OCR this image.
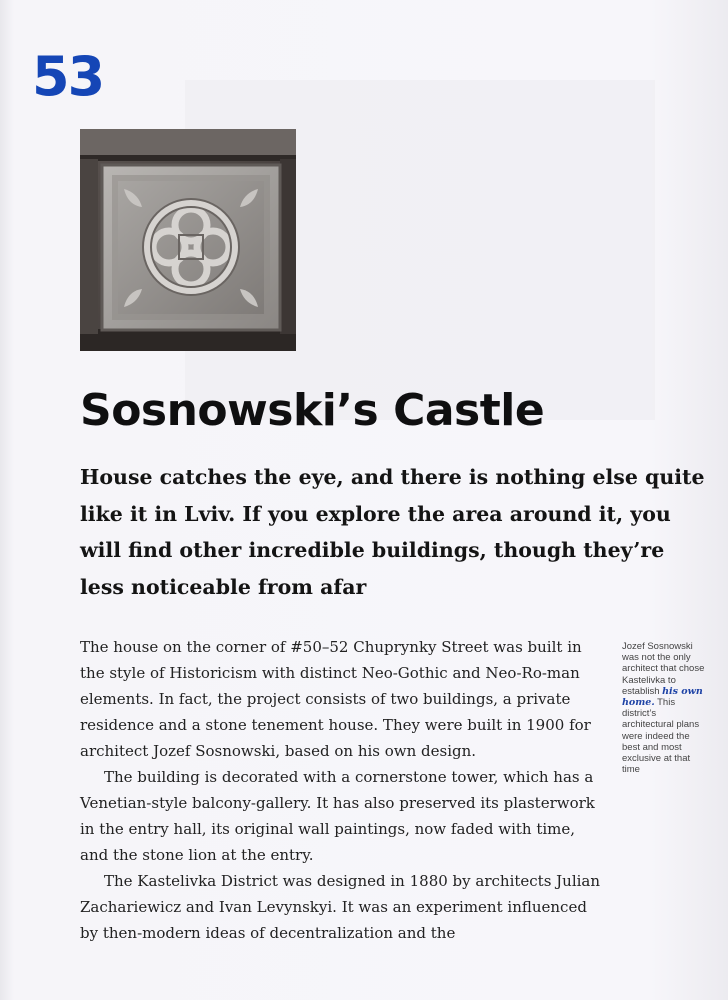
53
Sosnowski’s Castle
House catches the eye, and there is nothing else quite like it in Lviv. If you explore the area around it, you will find other incredible buildings, though they’re less noticeable from afar

The house on the corner of #50–52 Chuprynky Street was built in the style of Historicism with distinct Neo-Gothic and Neo-Ro-man elements. In fact, the project consists of two buildings, a private residence and a stone tenement house. They were built in 1900 for architect Jozef Sosnowski, based on his own design.

The building is decorated with a cornerstone tower, which has a Venetian-style balcony-gallery. It has also preserved its plasterwork in the entry hall, its original wall paintings, now faded with time, and the stone lion at the entry.

The Kastelivka District was designed in 1880 by architects Julian Zachariewicz and Ivan Levynskyi. It was an experiment influenced by then-modern ideas of decentralization and the

Jozef Sosnowski was not the only architect that chose Kastelivka to establish his own home. This district’s architectural plans were indeed the best and most exclusive at that time
